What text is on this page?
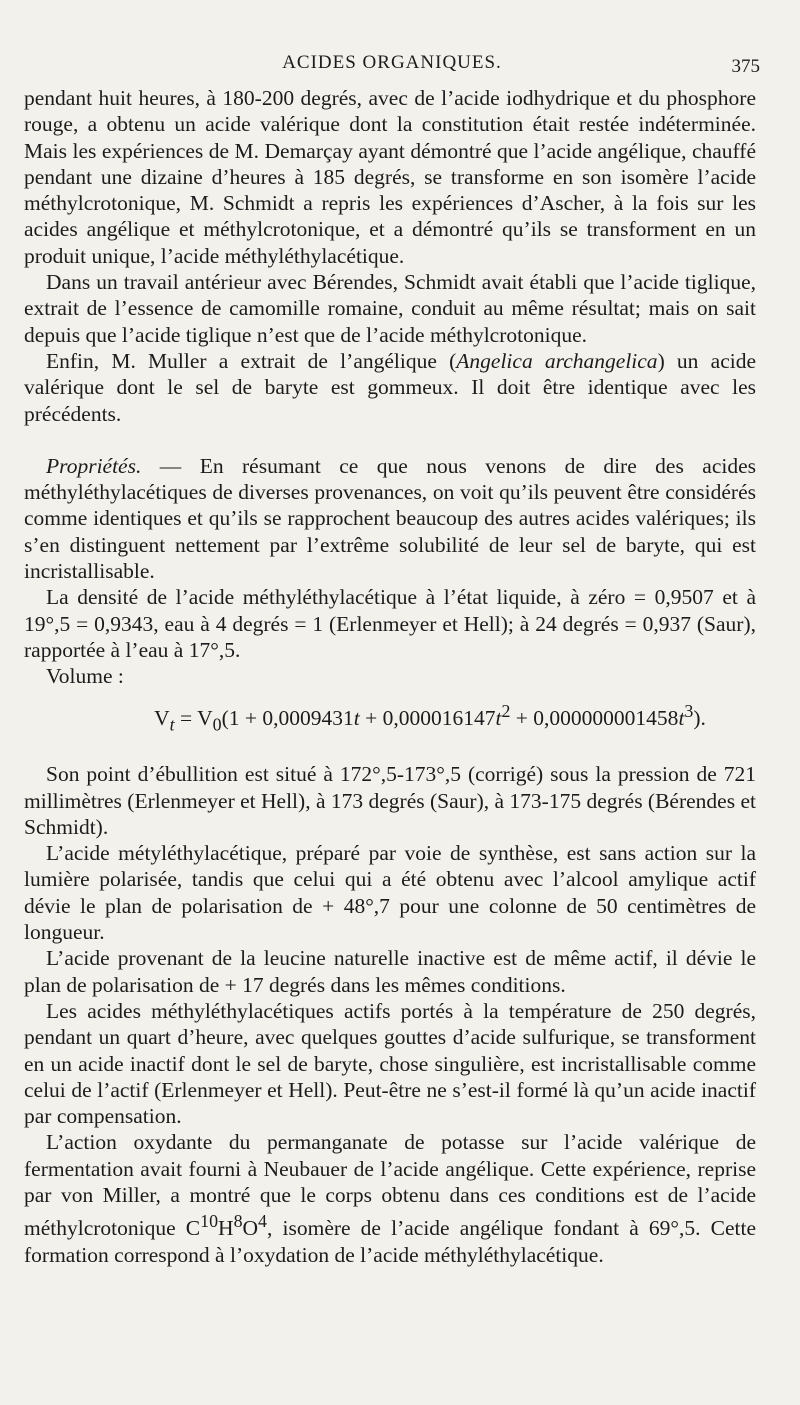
ACIDES ORGANIQUES.	375

pendant huit heures, à 180-200 degrés, avec de l’acide iodhydrique et du phosphore rouge, a obtenu un acide valérique dont la constitution était restée indéterminée. Mais les expériences de M. Demarçay ayant démontré que l’acide angélique, chauffé pendant une dizaine d’heures à 185 degrés, se transforme en son isomère l’acide méthylcrotonique, M. Schmidt a repris les expériences d’Ascher, à la fois sur les acides angélique et méthylcrotonique, et a démontré qu’ils se transforment en un produit unique, l’acide méthyléthylacétique.

Dans un travail antérieur avec Bérendes, Schmidt avait établi que l’acide tiglique, extrait de l’essence de camomille romaine, conduit au même résultat; mais on sait depuis que l’acide tiglique n’est que de l’acide méthylcrotonique.

Enfin, M. Muller a extrait de l’angélique (Angelica archangelica) un acide valérique dont le sel de baryte est gommeux. Il doit être identique avec les précédents.

Propriétés. — En résumant ce que nous venons de dire des acides méthyléthylacétiques de diverses provenances, on voit qu’ils peuvent être considérés comme identiques et qu’ils se rapprochent beaucoup des autres acides valériques; ils s’en distinguent nettement par l’extrême solubilité de leur sel de baryte, qui est incristallisable.

La densité de l’acide méthyléthylacétique à l’état liquide, à zéro = 0,9507 et à 19°,5 = 0,9343, eau à 4 degrés = 1 (Erlenmeyer et Hell); à 24 degrés = 0,937 (Saur), rapportée à l’eau à 17°,5.

Volume :

$V_t = V_0(1 + 0,0009431t + 0,000016147t^2 + 0,000000001458t^3)$.

Son point d’ébullition est situé à 172°,5-173°,5 (corrigé) sous la pression de 721 millimètres (Erlenmeyer et Hell), à 173 degrés (Saur), à 173-175 degrés (Bérendes et Schmidt).

L’acide métyléthylacétique, préparé par voie de synthèse, est sans action sur la lumière polarisée, tandis que celui qui a été obtenu avec l’alcool amylique actif dévie le plan de polarisation de + 48°,7 pour une colonne de 50 centimètres de longueur.

L’acide provenant de la leucine naturelle inactive est de même actif, il dévie le plan de polarisation de + 17 degrés dans les mêmes conditions.

Les acides méthyléthylacétiques actifs portés à la température de 250 degrés, pendant un quart d’heure, avec quelques gouttes d’acide sulfurique, se transforment en un acide inactif dont le sel de baryte, chose singulière, est incristallisable comme celui de l’actif (Erlenmeyer et Hell). Peut-être ne s’est-il formé là qu’un acide inactif par compensation.

L’action oxydante du permanganate de potasse sur l’acide valérique de fermentation avait fourni à Neubauer de l’acide angélique. Cette expérience, reprise par von Miller, a montré que le corps obtenu dans ces conditions est de l’acide méthylcrotonique $C^{10}H^8O^4$, isomère de l’acide angélique fondant à 69°,5. Cette formation correspond à l’oxydation de l’acide méthyléthylacétique.
